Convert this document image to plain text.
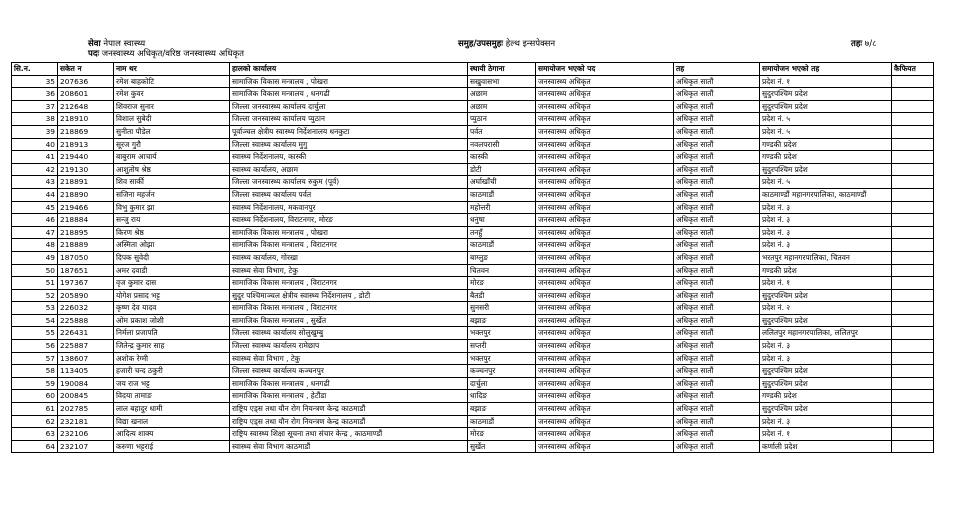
सेवा नेपाल स्वास्थ्य
पदः जनस्वास्थ्य अधिकृत/वरिष्ठ जनस्वास्थ्य अधिकृत
समुह/उपसमुहः हेल्थ इन्सपेक्सन	तहः ७/८
सि.न.	सकेत न	नाम थर	हालको कार्यालय	स्थायी ठेगाना	समायोजन भएको पद	तह	समायोजन भएको तह	कैफियत
35	207636	रमेश बाहकोटि	सामाजिक विकास मन्त्रालय , पोखरा	सखुवासभा	जनस्वास्थ्य अधिकृत	अधिकृत सातौं	प्रदेश नं. १	
36	208601	रमेश कुवर	सामाजिक विकास मन्त्रालय , धनगढी	अछाम	जनस्वास्थ्य अधिकृत	अधिकृत सातौं	सुदुरपश्चिम प्रदेश	
37	212648	शिवराज सुनार	जिल्ला जनस्वास्थ्य कार्यालय दार्चुला	अछाम	जनस्वास्थ्य अधिकृत	अधिकृत सातौं	सुदुरपश्चिम प्रदेश	
38	218910	विशाल सुबेदी	जिल्ला जनस्वास्थ्य कार्यालय प्युठान	प्युठान	जनस्वास्थ्य अधिकृत	अधिकृत सातौं	प्रदेश नं. ५	
39	218869	सुनीता पौडेल	पूर्वाञ्चल क्षेत्रीय स्वास्थ्य निर्देशनालय धनकुटा	पर्वत	जनस्वास्थ्य अधिकृत	अधिकृत सातौं	प्रदेश नं. ५	
40	218913	सूरज गुरौ	जिल्ला स्वास्थ्य कार्यालय मुगु	नवलपरासी	जनस्वास्थ्य अधिकृत	अधिकृत सातौं	गण्डकी प्रदेश	
41	219440	बाबुराम आचार्य	स्वास्थ्य निर्देशनालय, कास्की	कास्की	जनस्वास्थ्य अधिकृत	अधिकृत सातौं	गण्डकी प्रदेश	
42	219130	आशुतोष श्रेष्ठ	स्वास्थ्य कार्यालय, अछाम	डोटी	जनस्वास्थ्य अधिकृत	अधिकृत सातौं	सुदुरपश्चिम प्रदेश	
43	218891	शिव सार्की	जिल्ला जनस्वास्थ्य कार्यालय रुकुम (पूर्व)	अर्घाखाँची	जनस्वास्थ्य अधिकृत	अधिकृत सातौं	प्रदेश नं. ५	
44	218890	सजिना महर्जन	जिल्ला स्वास्थ्य कार्यालय पर्वत	काठमाडौं	जनस्वास्थ्य अधिकृत	अधिकृत सातौं	काठमाण्डौं महानगरपालिका, काठमाण्डौं	
45	219466	विभु कुमार झा	स्वास्थ्य निर्देशनालय, मकवानपुर	महोत्तरी	जनस्वास्थ्य अधिकृत	अधिकृत सातौं	प्रदेश नं. ३	
46	218884	सन्जु राय	स्वास्थ्य निर्देशनालय, विराटनगर, मोरङ	धनुषा	जनस्वास्थ्य अधिकृत	अधिकृत सातौं	प्रदेश नं. ३	
47	218895	किरण श्रेष्ठ	सामाजिक विकास मन्त्रालय , पोखरा	तनहुँ	जनस्वास्थ्य अधिकृत	अधिकृत सातौं	प्रदेश नं. ३	
48	218889	अस्मिता ओझा	सामाजिक विकास मन्त्रालय , विराटनगर	काठमाडौं	जनस्वास्थ्य अधिकृत	अधिकृत सातौं	प्रदेश नं. ३	
49	187050	दिपक सुवेदी	स्वास्थ्य कार्यालय, गोरखा	बाग्लुङ	जनस्वास्थ्य अधिकृत	अधिकृत सातौं	भरतपुर महानगरपालिका, चितवन	
50	187651	अमर दवाडी	स्वास्थ्य सेवा विभाग, टेकु	चितवन	जनस्वास्थ्य अधिकृत	अधिकृत सातौं	गण्डकी प्रदेश	
51	197367	वृज कुमार दास	सामाजिक विकास मन्त्रालय , विराटनगर	मोरङ	जनस्वास्थ्य अधिकृत	अधिकृत सातौं	प्रदेश नं. १	
52	205890	योगेश प्रसाद भट्ट	सुदुर पश्चिमाञ्चल क्षेत्रीय स्वास्थ्य निर्देशनालय , डोटी	बैतडी	जनस्वास्थ्य अधिकृत	अधिकृत सातौं	सुदुरपश्चिम प्रदेश	
53	226032	कृष्ण देव यादव	सामाजिक विकास मन्त्रालय , विराटनगर	सुनसरी	जनस्वास्थ्य अधिकृत	अधिकृत सातौं	प्रदेश नं. २	
54	225888	ओम प्रकाश जोशी	सामाजिक विकास मन्त्रालय , सुर्खेत	बझाङ	जनस्वास्थ्य अधिकृत	अधिकृत सातौं	सुदुरपश्चिम प्रदेश	
55	226431	निर्मला प्रजापति	जिल्ला स्वास्थ्य कार्यालय सोलुखुम्बु	भक्तपुर	जनस्वास्थ्य अधिकृत	अधिकृत सातौं	ललितपुर महानगरपालिका, ललितपुर	
56	225887	जितेन्द्र कुमार साह	जिल्ला स्वास्थ्य कार्यालय रामेछाप	सप्तरी	जनस्वास्थ्य अधिकृत	अधिकृत सातौं	प्रदेश नं. ३	
57	138607	अशोक रेग्मी	स्वास्थ्य सेवा विभाग , टेकु	भक्तपुर	जनस्वास्थ्य अधिकृत	अधिकृत सातौं	प्रदेश नं. ३	
58	113405	हजारी चन्द ठकुरी	जिल्ला स्वास्थ्य कार्यालय कञ्चनपुर	कञ्चनपुर	जनस्वास्थ्य अधिकृत	अधिकृत सातौं	सुदुरपश्चिम प्रदेश	
59	190084	जय राज भट्ट	सामाजिक विकास मन्त्रालय , धनगढी	दार्चुला	जनस्वास्थ्य अधिकृत	अधिकृत सातौं	सुदुरपश्चिम प्रदेश	
60	200845	विदया तामाङ	सामाजिक विकास मन्त्रालय , हेटौंडा	धादिङ	जनस्वास्थ्य अधिकृत	अधिकृत सातौं	गण्डकी प्रदेश	
61	202785	लाल बहादुर धामी	राष्ट्रिय एड्स तथा यौन रोग नियन्त्रण केन्द्र काठमाडौं	बझाङ	जनस्वास्थ्य अधिकृत	अधिकृत सातौं	सुदुरपश्चिम प्रदेश	
62	232181	विद्या खनाल	राष्ट्रिय एड्स तथा यौन रोग नियन्त्रण केन्द्र काठमाडौं	काठमाडौं	जनस्वास्थ्य अधिकृत	अधिकृत सातौं	प्रदेश नं. ३	
63	232106	आदित्य शाक्य	राष्ट्रिय स्वास्थ्य शिक्षा सूचना तथा संचार केन्द्र , काठमाण्डौं	मोरङ	जनस्वास्थ्य अधिकृत	अधिकृत सातौं	प्रदेश नं. १	
64	232107	करुणा भट्टराई	स्वास्थ्य सेवा विभाग काठमाडौं	सुर्खेत	जनस्वास्थ्य अधिकृत	अधिकृत सातौं	कर्णाली प्रदेश	
